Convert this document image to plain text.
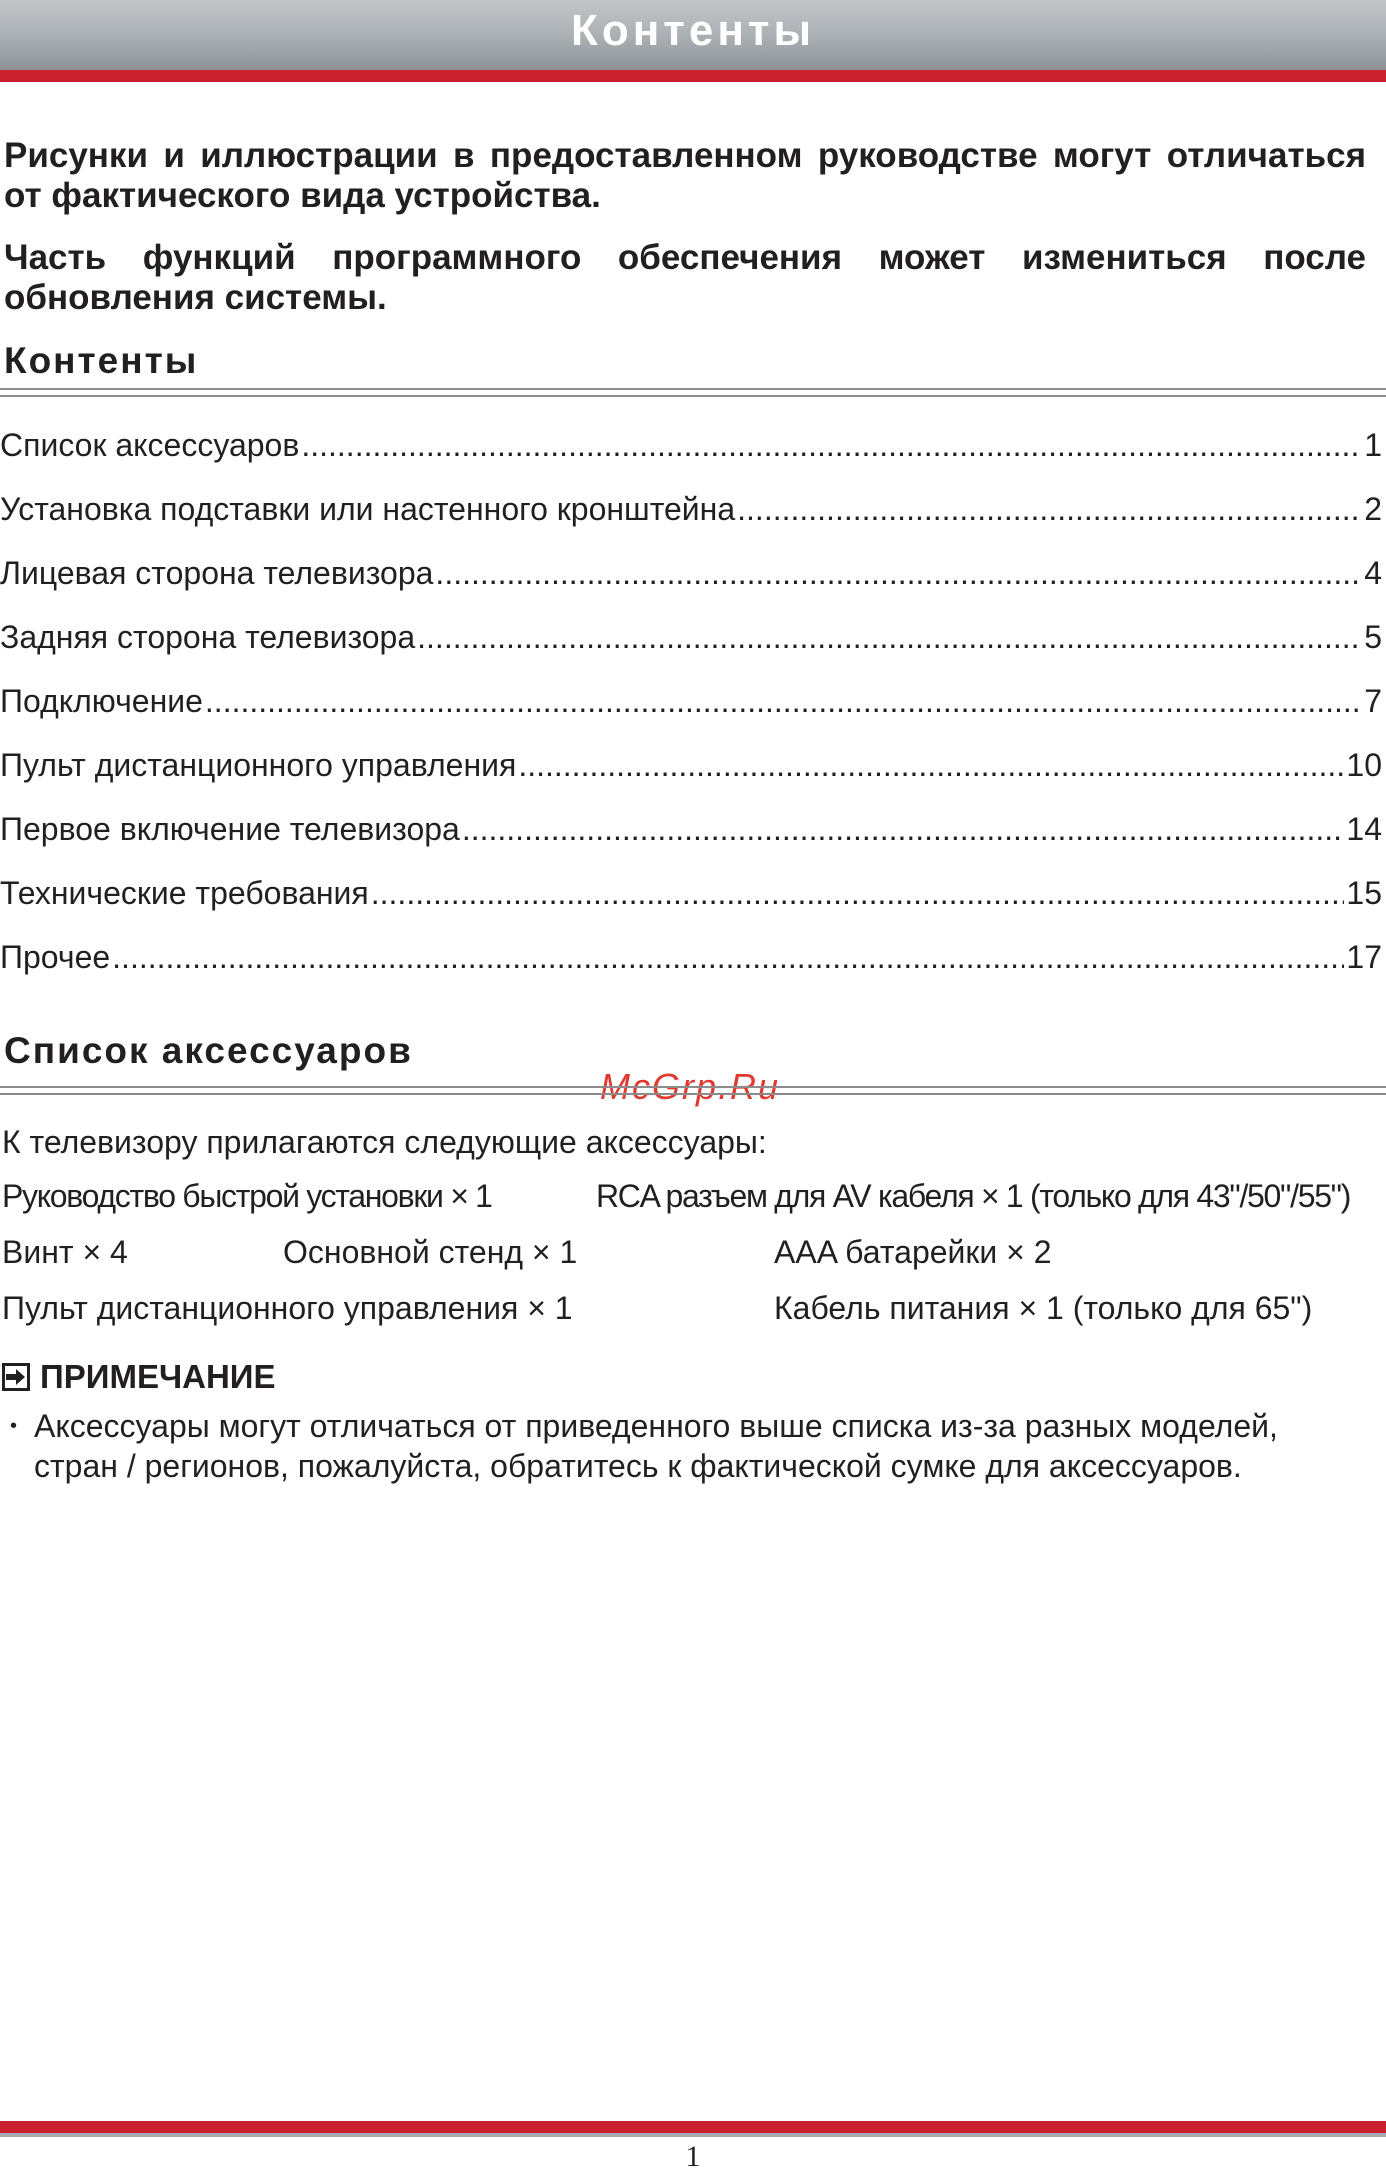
Контенты

Рисунки и иллюстрации в предоставленном руководстве могут отличаться от фактического вида устройства.

Часть функций программного обеспечения может измениться после обновления системы.

Контенты
Список аксессуаров .....	1
Установка подставки или настенного кронштейна .....	2
Лицевая сторона телевизора .....	4
Задняя сторона телевизора .....	5
Подключение .....	7
Пульт дистанционного управления .....	10
Первое включение телевизора .....	14
Технические требования .....	15
Прочее .....	17
Список аксессуаров
McGrp.Ru

К телевизору прилагаются следующие аксессуары:

Руководство быстрой установки × 1	RCA разъем для AV кабеля × 1 (только для 43"/50"/55")

Винт × 4	Основной стенд × 1	AAA батарейки × 2

Пульт дистанционного управления × 1	Кабель питания × 1 (только для 65")

ПРИМЕЧАНИЕ
• Аксессуары могут отличаться от приведенного выше списка из-за разных моделей, стран / регионов, пожалуйста, обратитесь к фактической сумке для аксессуаров.
1
